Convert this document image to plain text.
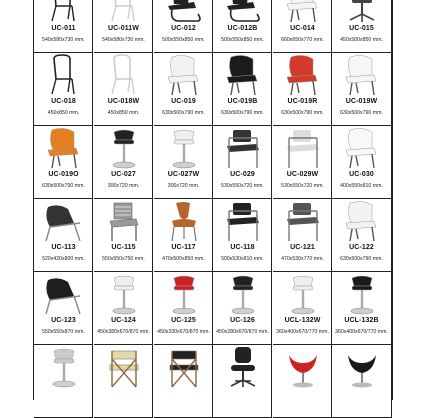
UC-011
540x580x730 mm.
UC-011W
540x580x730 mm.
UC-012
500x550x850 mm.
UC-012B
500x550x850 mm.
UC-014
660x650x770 mm.
UC-015
450x500x850 mm.
UC-018
450x850 mm.
UC-018W
450x850 mm.
UC-019
630x500x790 mm.
UC-019B
630x500x790 mm.
UC-019R
630x500x790 mm.
UC-019W
630x500x790 mm.
UC-019O
630x500x790 mm.
UC-027
300x720 mm.
UC-027W
300x720 mm.
UC-029
530x550x720 mm.
UC-029W
530x550x720 mm.
UC-030
400x550x810 mm.
UC-113
520x420x800 mm.
UC-115
550x550x750 mm.
UC-117
470x500x850 mm.
UC-118
500x530x810 mm.
UC-121
470x530x770 mm.
UC-122
630x500x790 mm.
UC-123
550x550x870 mm.
UC-124
450x380x670/870 mm.
UC-125
450x330x670/870 mm.
UC-126
450x280x670/870 mm.
UCL-132W
360x400x670/770 mm.
UCL-132B
360x400x670/770 mm.
